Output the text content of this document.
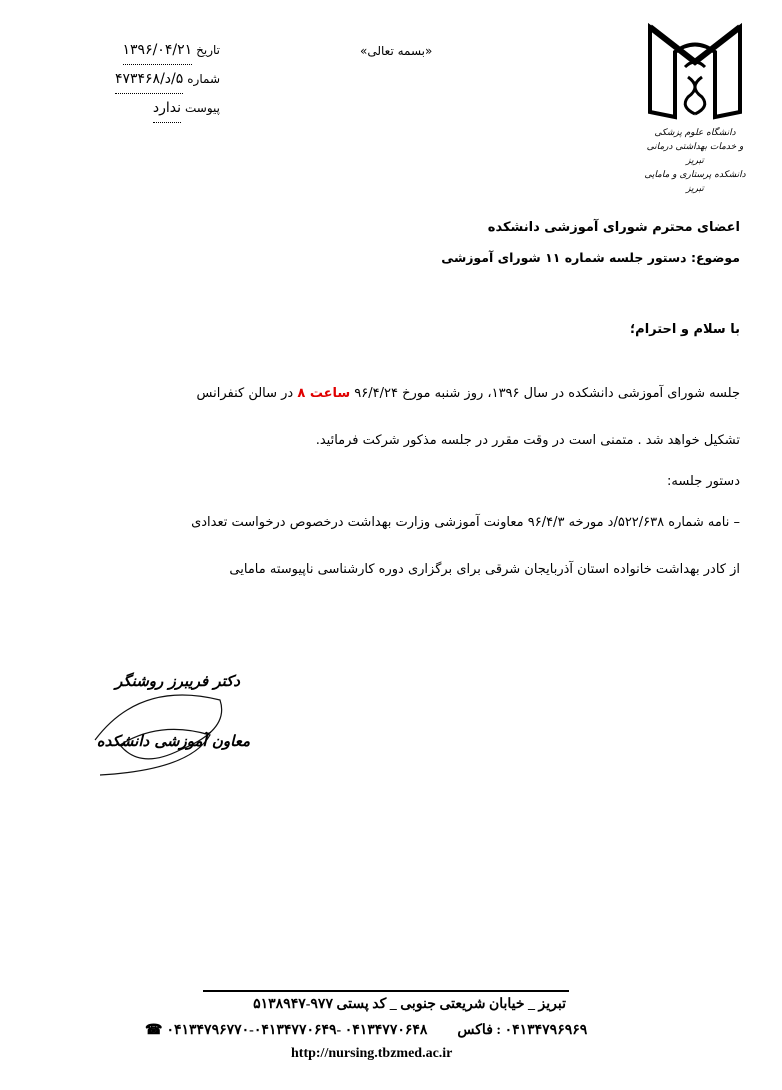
تاریخ
۱۳۹۶/۰۴/۲۱
شماره
۵/د/۴۷۳۴۶۸
پیوست
ندارد
«بسمه تعالی»
دانشگاه علوم پزشکی
و خدمات بهداشتی درمانی تبریز
دانشکده پرستاری و مامایی تبریز
اعضای محترم شورای آموزشی دانشکده
موضوع: دستور جلسه شماره ۱۱ شورای آموزشی
با سلام و احترام؛
جلسه شورای آموزشی دانشکده در سال ۱۳۹۶، روز شنبه مورخ ۹۶/۴/۲۴ ساعت ۸ در سالن کنفرانس
تشکیل خواهد شد . متمنی است در وقت مقرر در جلسه مذکور شرکت فرمائید.
دستور جلسه:
– نامه شماره ۵۲۲/۶۳۸/د مورخه ۹۶/۴/۳ معاونت آموزشی وزارت بهداشت درخصوص درخواست تعدادی
از کادر بهداشت خانواده استان آذربایجان شرقی برای برگزاری دوره کارشناسی ناپیوسته مامایی
دکتر فریبرز روشنگر
معاون آموزشی دانشکده
تبریز _ خیابان شریعتی جنوبی _ کد پستی ۹۷۷-۵۱۳۸۹۴۷
☎ ۰۴۱۳۴۷۹۶۷۷۰-۰۴۱۳۴۷۷۰۶۴۹- ۰۴۱۳۴۷۷۰۶۴۸ ۰۴۱۳۴۷۹۶۹۶۹ : فاکس
http://nursing.tbzmed.ac.ir
